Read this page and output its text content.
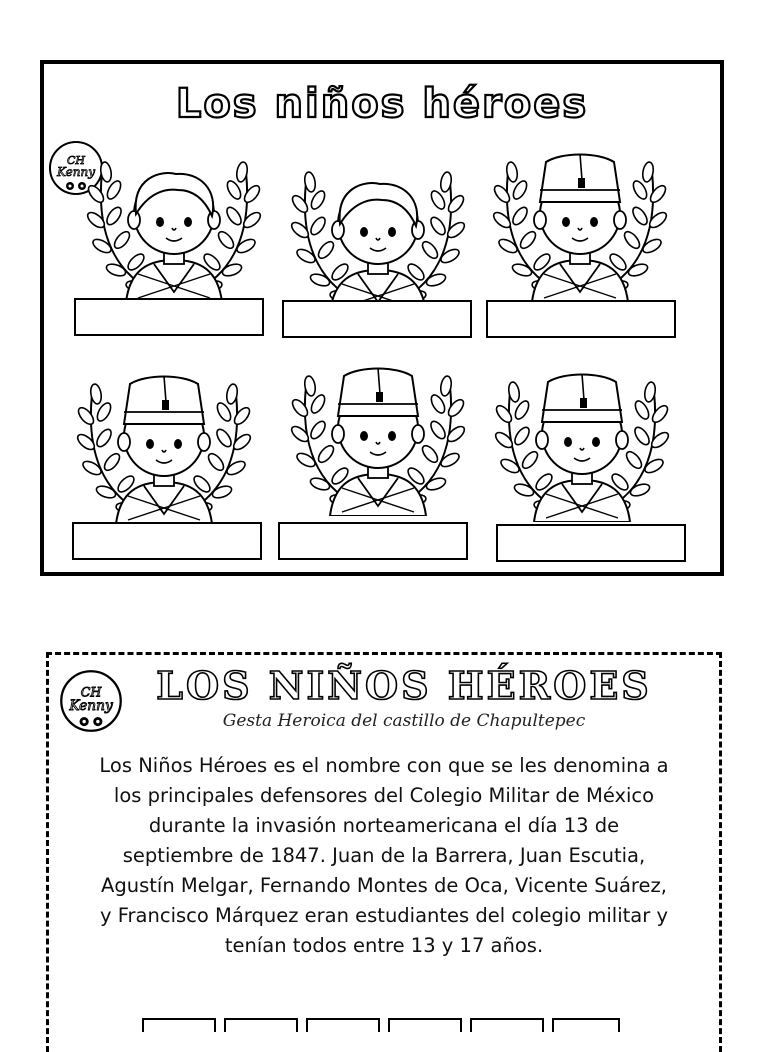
Los niños héroes
CH
Kenny
CH
Kenny LOS NIÑOS HÉROES
Gesta Heroica del castillo de Chapultepec
Los Niños Héroes es el nombre con que se les denomina a los principales defensores del Colegio Militar de México durante la invasión norteamericana el día 13 de septiembre de 1847. Juan de la Barrera, Juan Escutia, Agustín Melgar, Fernando Montes de Oca, Vicente Suárez, y Francisco Márquez eran estudiantes del colegio militar y tenían todos entre 13 y 17 años.
